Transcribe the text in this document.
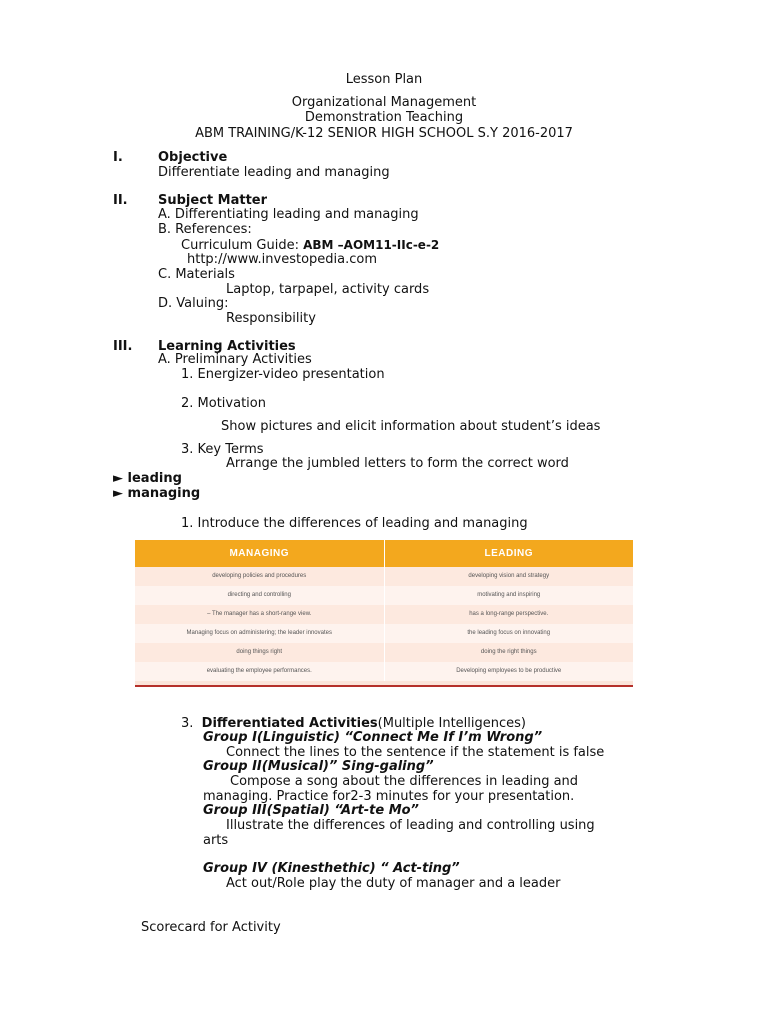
Lesson Plan
Organizational Management
Demonstration Teaching
ABM TRAINING/K-12 SENIOR HIGH SCHOOL S.Y 2016-2017
I.	Objective
Differentiate leading and managing
II. Subject Matter
A. Differentiating leading and managing
B. References:
Curriculum Guide: ABM –AOM11-IIc-e-2
http://www.investopedia.com
C. Materials
Laptop, tarpapel, activity cards
D. Valuing:
Responsibility
III. Learning Activities
A. Preliminary Activities
1. Energizer-video presentation
2. Motivation
Show pictures and elicit information about student’s ideas
3. Key Terms
Arrange the jumbled letters to form the correct word
► leading
► managing
1. Introduce the differences of leading and managing
MANAGING	LEADING
developing policies and procedures	developing vision and strategy
directing and controlling	motivating and inspiring
– The manager has a short-range view.	has a long-range perspective.
Managing focus on administering; the leader innovates	the leading focus on innovating
doing things right	doing the right things
evaluating the employee performances.	Developing employees to be productive
3. Differentiated Activities(Multiple Intelligences)
Group I(Linguistic) “Connect Me If I’m Wrong”
Connect the lines to the sentence if the statement is false
Group II(Musical)” Sing-galing”
Compose a song about the differences in leading and
managing. Practice for2-3 minutes for your presentation.
Group III(Spatial) “Art-te Mo”
Illustrate the differences of leading and controlling using
arts
Group IV (Kinesthethic) “ Act-ting”
Act out/Role play the duty of manager and a leader
Scorecard for Activity
